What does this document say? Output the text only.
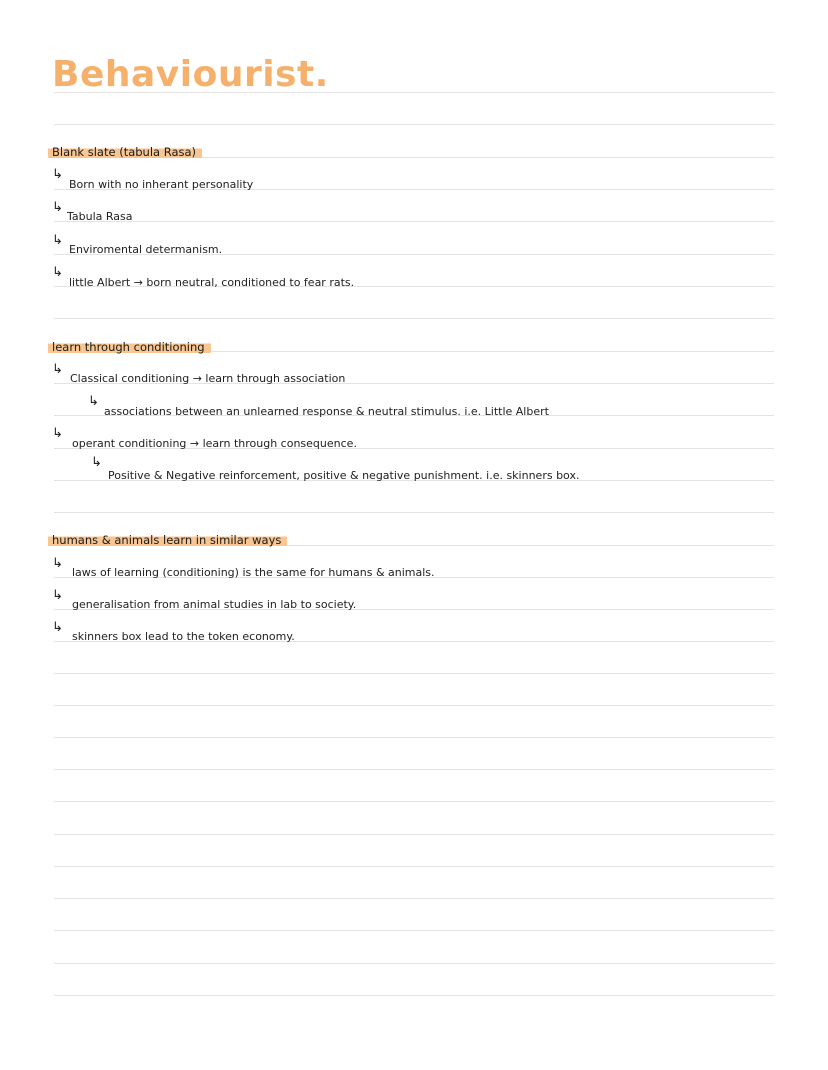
Behaviourist.
Blank slate (tabula Rasa)
↳
Born with no inherant personality
↳
Tabula Rasa
↳
Enviromental determanism.
↳
little Albert → born neutral, conditioned to fear rats.
learn through conditioning
↳
Classical conditioning → learn through association
↳
associations between an unlearned response & neutral stimulus. i.e. Little Albert
↳
operant conditioning → learn through consequence.
↳
Positive & Negative reinforcement, positive & negative punishment. i.e. skinners box.
humans & animals learn in similar ways
↳
laws of learning (conditioning) is the same for humans & animals.
↳
generalisation from animal studies in lab to society.
↳
skinners box lead to the token economy.
